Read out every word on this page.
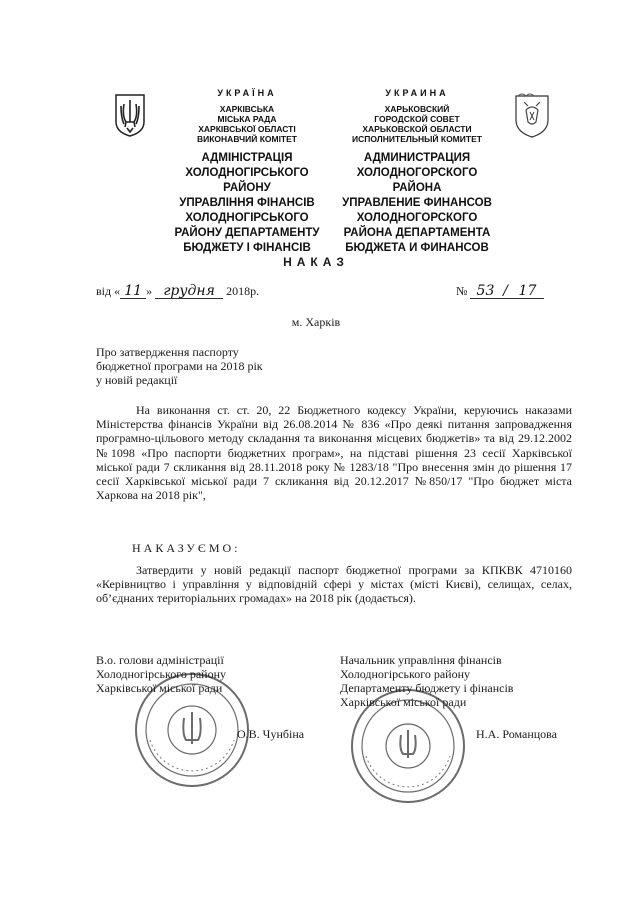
УКРАЇНА
ХАРКІВСЬКА
МІСЬКА РАДА
ХАРКІВСЬКОЇ ОБЛАСТІ
ВИКОНАВЧИЙ КОМІТЕТ
АДМІНІСТРАЦІЯ
ХОЛОДНОГІРСЬКОГО
РАЙОНУ
УПРАВЛІННЯ ФІНАНСІВ
ХОЛОДНОГІРСЬКОГО
РАЙОНУ ДЕПАРТАМЕНТУ
БЮДЖЕТУ І ФІНАНСІВ
УКРАИНА
ХАРЬКОВСКИЙ
ГОРОДСКОЙ СОВЕТ
ХАРЬКОВСКОЙ ОБЛАСТИ
ИСПОЛНИТЕЛЬНЫЙ КОМИТЕТ
АДМИНИСТРАЦИЯ
ХОЛОДНОГОРСКОГО
РАЙОНА
УПРАВЛЕНИЕ ФИНАНСОВ
ХОЛОДНОГОРСКОГО
РАЙОНА ДЕПАРТАМЕНТА
БЮДЖЕТА И ФИНАНСОВ
НАКАЗ
від « 11 » грудня 2018р.	№ 53 / 17
м. Харків
Про затвердження паспорту
бюджетної програми на 2018 рік
у новій редакції
На виконання ст. ст. 20, 22 Бюджетного кодексу України, керуючись наказами Міністерства фінансів України від 26.08.2014 № 836 «Про деякі питання запровадження програмно-цільового методу складання та виконання місцевих бюджетів» та від 29.12.2002 №1098 «Про паспорти бюджетних програм», на підставі рішення 23 сесії Харківської міської ради 7 скликання від 28.11.2018 року № 1283/18 "Про внесення змін до рішення 17 сесії Харківської міської ради 7 скликання від 20.12.2017 №850/17 "Про бюджет міста Харкова на 2018 рік",
НАКАЗУЄМО:
Затвердити у новій редакції паспорт бюджетної програми за КПКВК 4710160 «Керівництво і управління у відповідній сфері у містах (місті Києві), селищах, селах, об’єднаних територіальних громадах» на 2018 рік (додається).
В.о. голови адміністрації
Холодногірського району
Харківської міської ради
О.В. Чунбіна
Начальник управління фінансів
Холодногірського району
Департаменту бюджету і фінансів
Харківської міської ради
Н.А. Романцова
